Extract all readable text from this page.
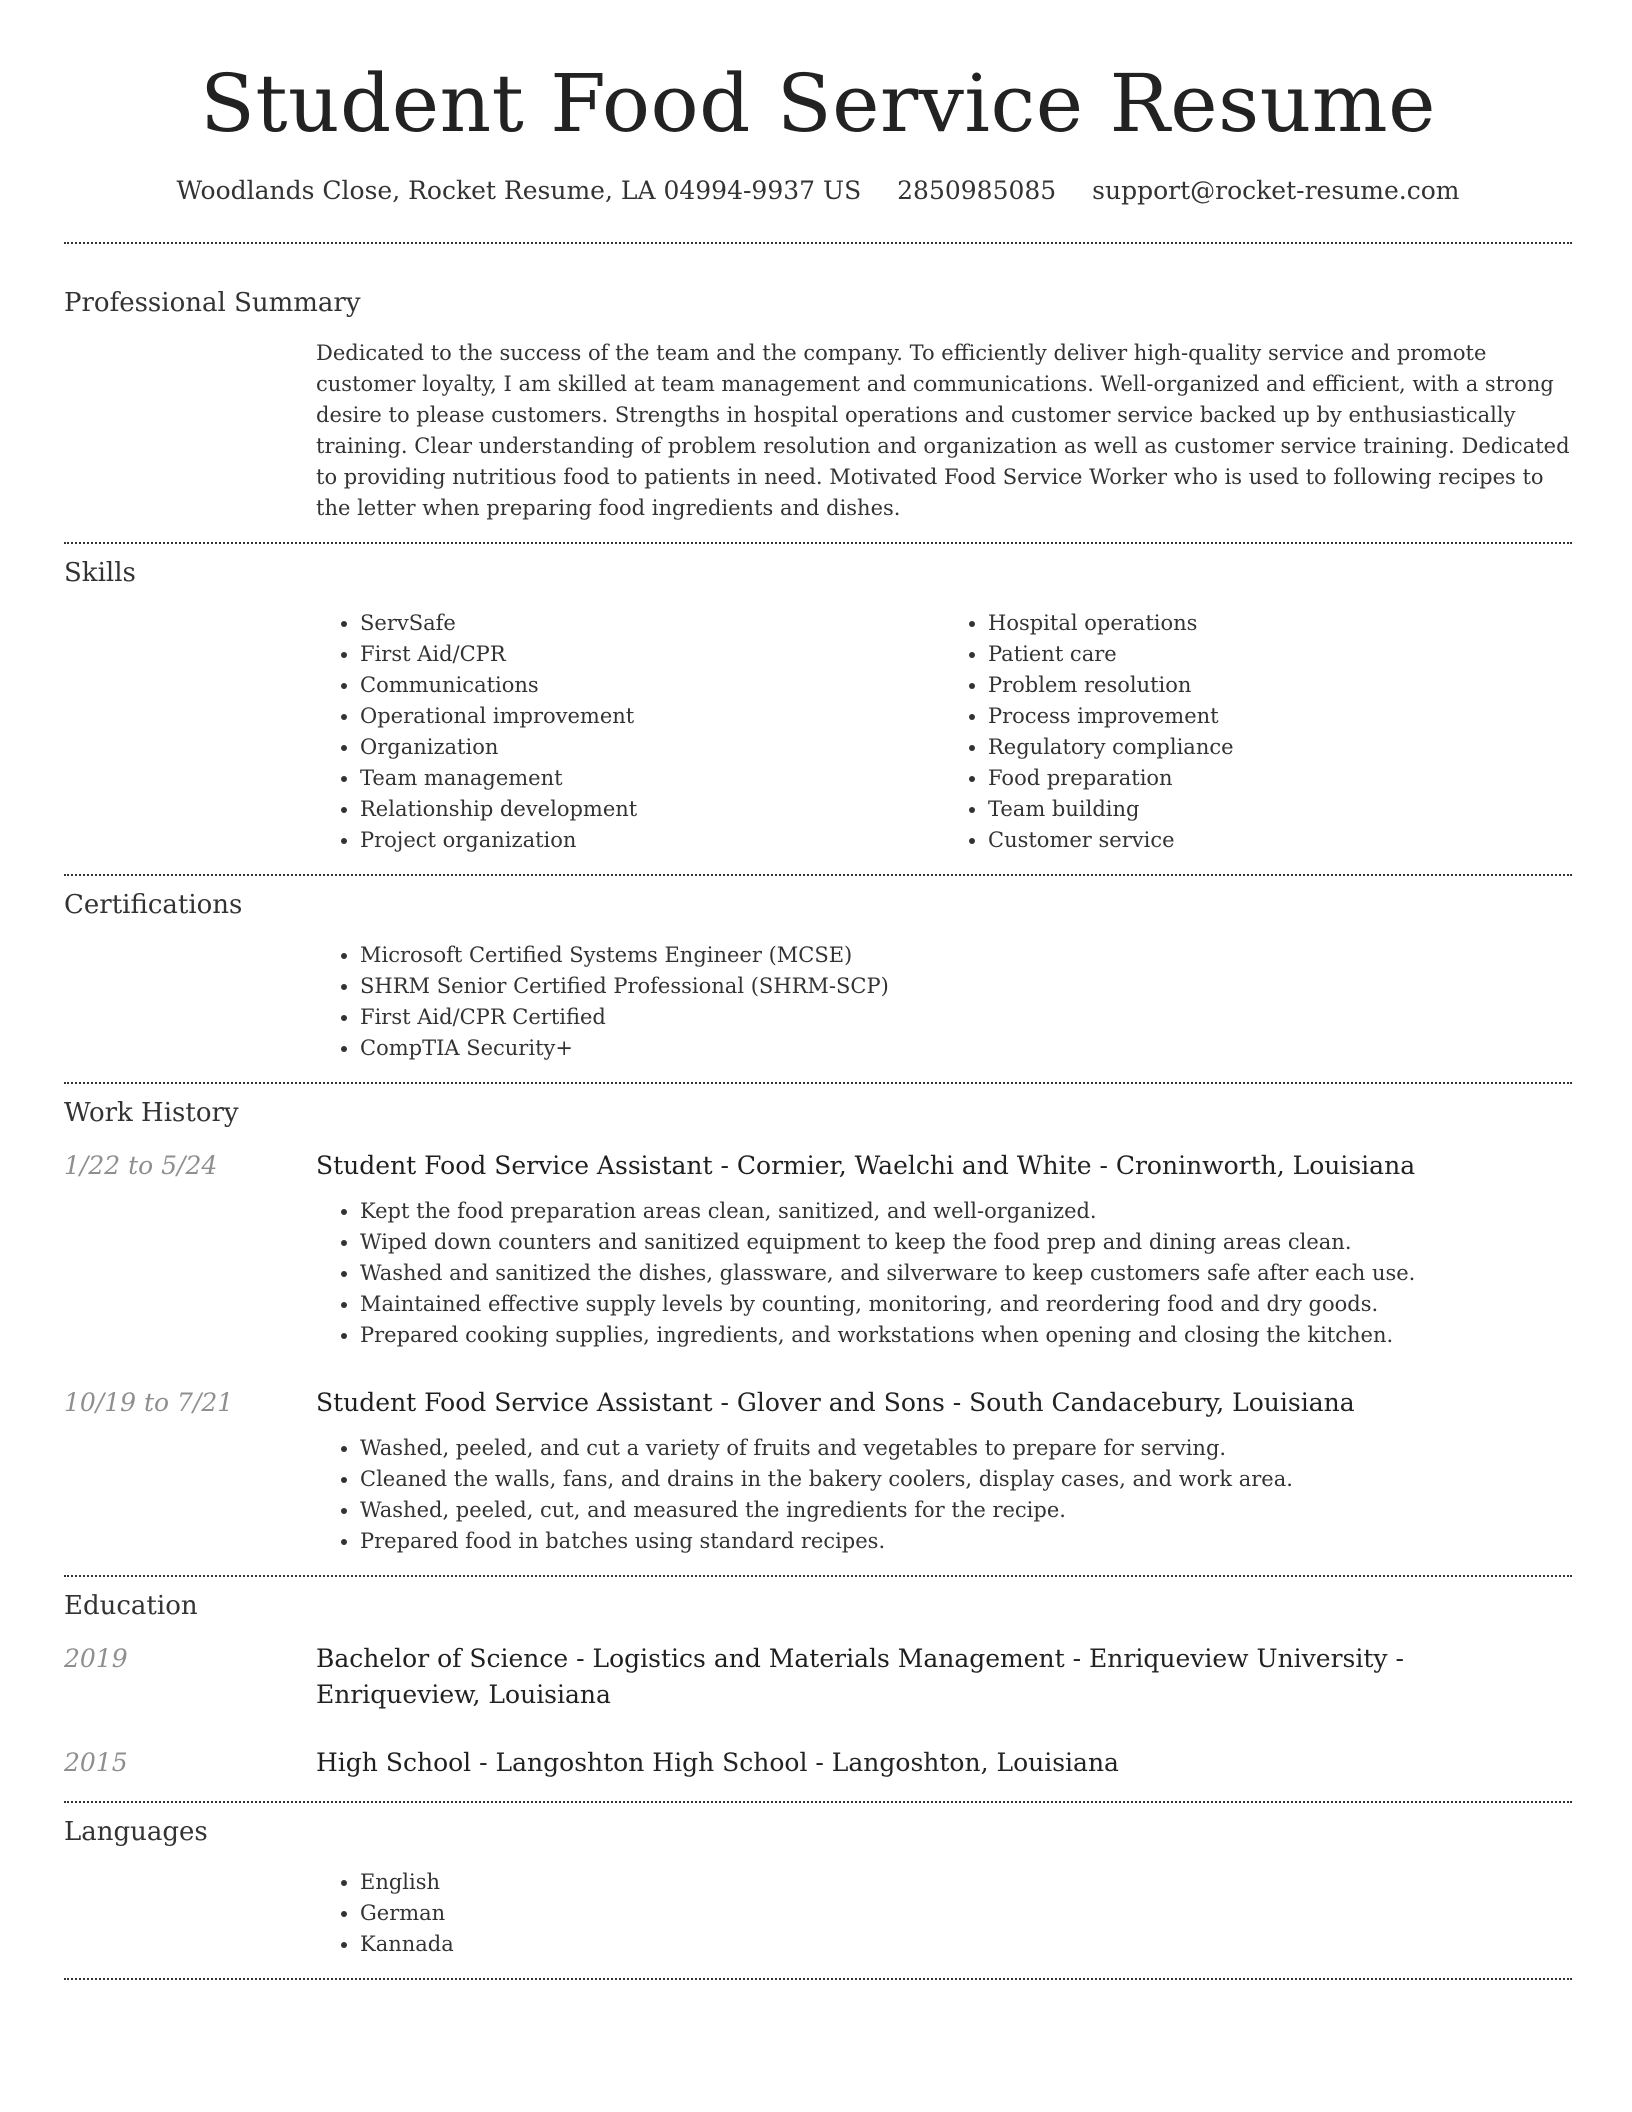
Student Food Service Resume
Woodlands Close, Rocket Resume, LA 04994-9937 US 2850985085 support@rocket-resume.com
Professional Summary

Dedicated to the success of the team and the company. To efficiently deliver high-quality service and promote customer loyalty, I am skilled at team management and communications. Well-organized and efficient, with a strong desire to please customers. Strengths in hospital operations and customer service backed up by enthusiastically training. Clear understanding of problem resolution and organization as well as customer service training. Dedicated to providing nutritious food to patients in need. Motivated Food Service Worker who is used to following recipes to the letter when preparing food ingredients and dishes.

Skills
• ServSafe
• First Aid/CPR
• Communications
• Operational improvement
• Organization
• Team management
• Relationship development
• Project organization
• Hospital operations
• Patient care
• Problem resolution
• Process improvement
• Regulatory compliance
• Food preparation
• Team building
• Customer service
Certifications
• Microsoft Certified Systems Engineer (MCSE)
• SHRM Senior Certified Professional (SHRM-SCP)
• First Aid/CPR Certified
• CompTIA Security+
Work History
1/22 to 5/24	Student Food Service Assistant - Cormier, Waelchi and White - Croninworth, Louisiana
• Kept the food preparation areas clean, sanitized, and well-organized.
• Wiped down counters and sanitized equipment to keep the food prep and dining areas clean.
• Washed and sanitized the dishes, glassware, and silverware to keep customers safe after each use.
• Maintained effective supply levels by counting, monitoring, and reordering food and dry goods.
• Prepared cooking supplies, ingredients, and workstations when opening and closing the kitchen.
10/19 to 7/21	Student Food Service Assistant - Glover and Sons - South Candacebury, Louisiana
• Washed, peeled, and cut a variety of fruits and vegetables to prepare for serving.
• Cleaned the walls, fans, and drains in the bakery coolers, display cases, and work area.
• Washed, peeled, cut, and measured the ingredients for the recipe.
• Prepared food in batches using standard recipes.
Education
2019	Bachelor of Science - Logistics and Materials Management - Enriqueview University - Enriqueview, Louisiana
2015	High School - Langoshton High School - Langoshton, Louisiana
Languages
• English
• German
• Kannada
